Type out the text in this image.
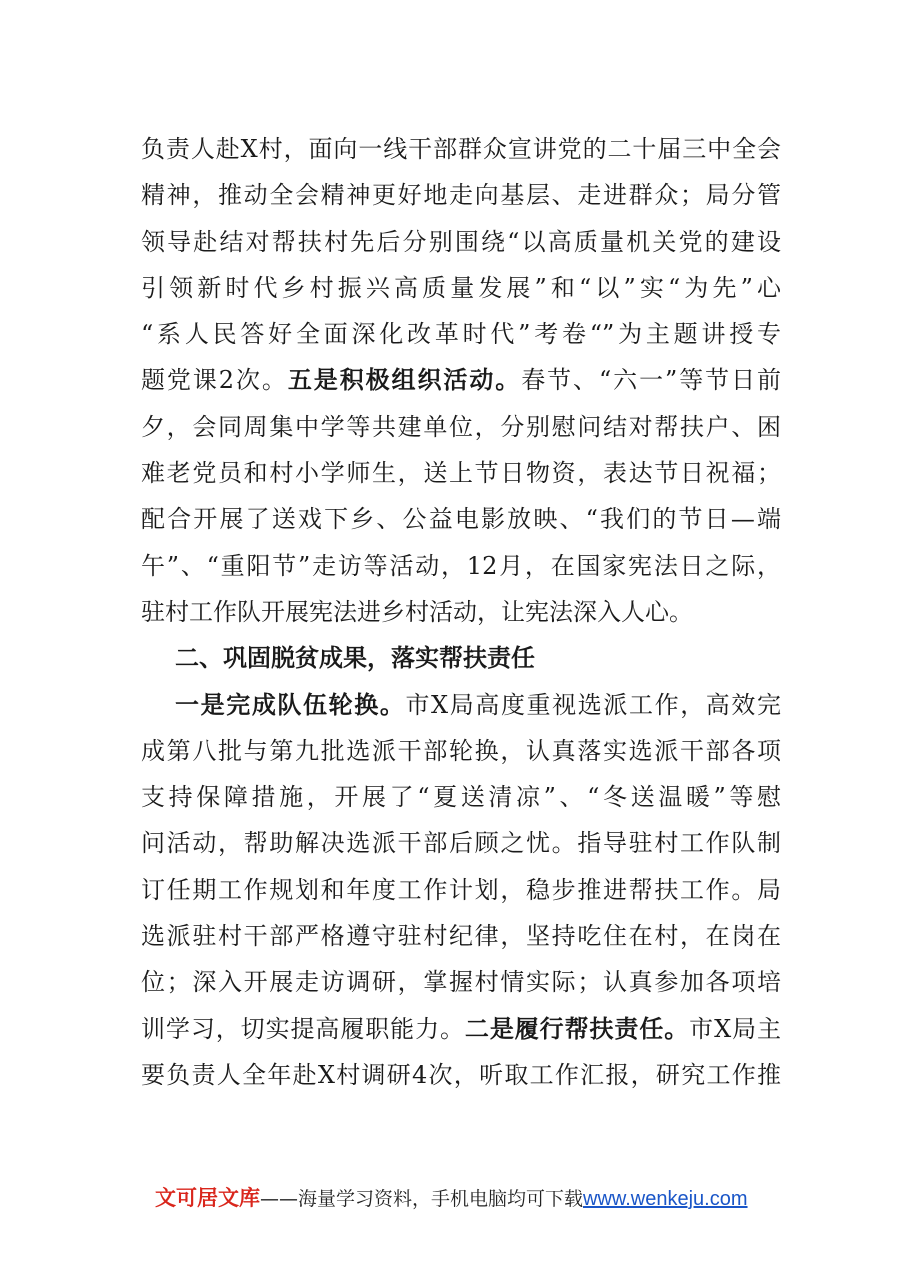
负责人赴X村，面向一线干部群众宣讲党的二十届三中全会
精神，推动全会精神更好地走向基层、走进群众；局分管
领导赴结对帮扶村先后分别围绕“以高质量机关党的建设
引领新时代乡村振兴高质量发展”和“以”实“为先”心
“系人民答好全面深化改革时代”考卷“”为主题讲授专
题党课2次。五是积极组织活动。春节、“六一”等节日前
夕，会同周集中学等共建单位，分别慰问结对帮扶户、困
难老党员和村小学师生，送上节日物资，表达节日祝福；
配合开展了送戏下乡、公益电影放映、“我们的节日—端
午”、“重阳节”走访等活动，12月，在国家宪法日之际，
驻村工作队开展宪法进乡村活动，让宪法深入人心。
二、巩固脱贫成果，落实帮扶责任
一是完成队伍轮换。市X局高度重视选派工作，高效完
成第八批与第九批选派干部轮换，认真落实选派干部各项
支持保障措施，开展了“夏送清凉”、“冬送温暖”等慰
问活动，帮助解决选派干部后顾之忧。指导驻村工作队制
订任期工作规划和年度工作计划，稳步推进帮扶工作。局
选派驻村干部严格遵守驻村纪律，坚持吃住在村，在岗在
位；深入开展走访调研，掌握村情实际；认真参加各项培
训学习，切实提高履职能力。二是履行帮扶责任。市X局主
要负责人全年赴X村调研4次，听取工作汇报，研究工作推
文可居文库——海量学习资料，手机电脑均可下载www.wenkeju.com
